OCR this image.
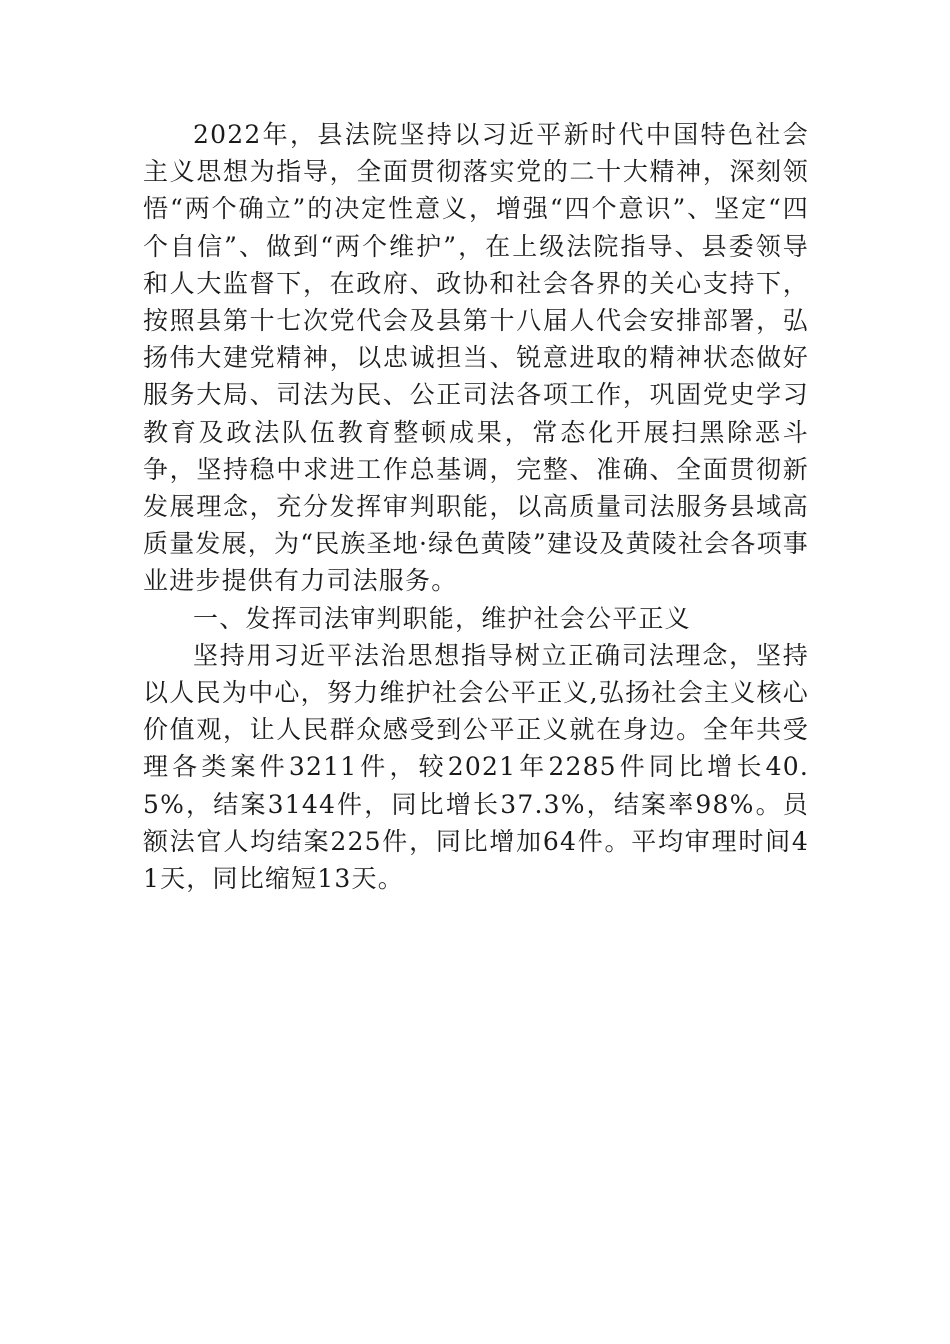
2022年，县法院坚持以习近平新时代中国特色社会主义思想为指导，全面贯彻落实党的二十大精神，深刻领悟“两个确立”的决定性意义，增强“四个意识”、坚定“四个自信”、做到“两个维护”，在上级法院指导、县委领导和人大监督下，在政府、政协和社会各界的关心支持下，按照县第十七次党代会及县第十八届人代会安排部署，弘扬伟大建党精神，以忠诚担当、锐意进取的精神状态做好服务大局、司法为民、公正司法各项工作，巩固党史学习教育及政法队伍教育整顿成果，常态化开展扫黑除恶斗争，坚持稳中求进工作总基调，完整、准确、全面贯彻新发展理念，充分发挥审判职能，以高质量司法服务县域高质量发展，为“民族圣地·绿色黄陵”建设及黄陵社会各项事业进步提供有力司法服务。

一、发挥司法审判职能，维护社会公平正义

坚持用习近平法治思想指导树立正确司法理念，坚持以人民为中心，努力维护社会公平正义,弘扬社会主义核心价值观，让人民群众感受到公平正义就在身边。全年共受理各类案件3211件，较2021年2285件同比增长40.5%，结案3144件，同比增长37.3%，结案率98%。员额法官人均结案225件，同比增加64件。平均审理时间41天，同比缩短13天。
